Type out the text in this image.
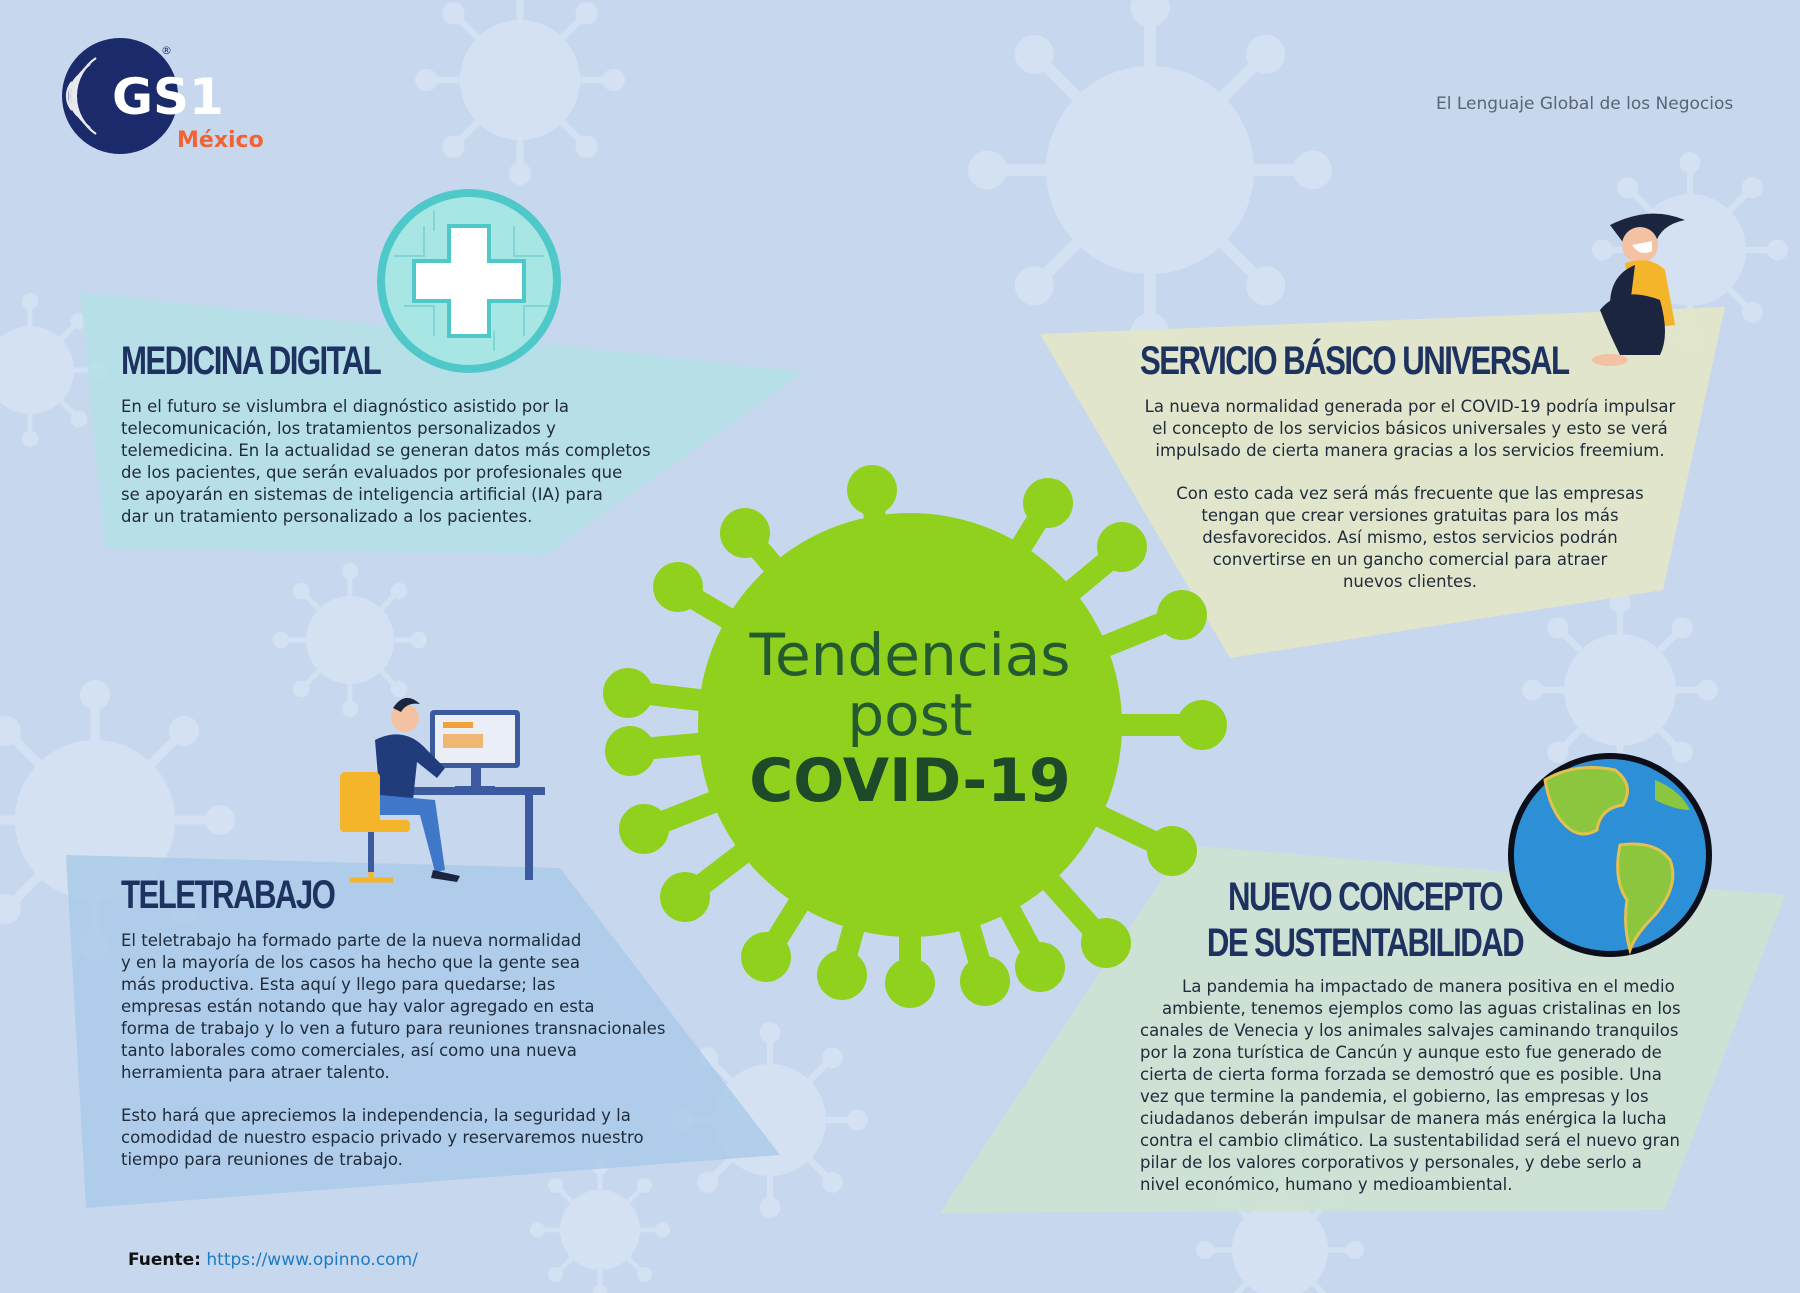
GS1
®
México
El Lenguaje Global de los Negocios
MEDICINA DIGITAL	SERVICIO BÁSICO UNIVERSAL
TELETRABAJO	NUEVO CONCEPTO
DE SUSTENTABILIDAD

En el futuro se vislumbra el diagnóstico asistido por la

telecomunicación, los tratamientos personalizados y

telemedicina. En la actualidad se generan datos más completos

de los pacientes, que serán evaluados por profesionales que

se apoyarán en sistemas de inteligencia artificial (IA) para

dar un tratamiento personalizado a los pacientes.

La nueva normalidad generada por el COVID-19 podría impulsar

el concepto de los servicios básicos universales y esto se verá

impulsado de cierta manera gracias a los servicios freemium.

Con esto cada vez será más frecuente que las empresas

tengan que crear versiones gratuitas para los más

desfavorecidos. Así mismo, estos servicios podrán

convertirse en un gancho comercial para atraer

nuevos clientes.

El teletrabajo ha formado parte de la nueva normalidad

y en la mayoría de los casos ha hecho que la gente sea

más productiva. Esta aquí y llego para quedarse; las

empresas están notando que hay valor agregado en esta

forma de trabajo y lo ven a futuro para reuniones transnacionales

tanto laborales como comerciales, así como una nueva

herramienta para atraer talento.

Esto hará que apreciemos la independencia, la seguridad y la

comodidad de nuestro espacio privado y reservaremos nuestro

tiempo para reuniones de trabajo.

La pandemia ha impactado de manera positiva en el medio

ambiente, tenemos ejemplos como las aguas cristalinas en los

canales de Venecia y los animales salvajes caminando tranquilos

por la zona turística de Cancún y aunque esto fue generado de

cierta de cierta forma forzada se demostró que es posible. Una

vez que termine la pandemia, el gobierno, las empresas y los

ciudadanos deberán impulsar de manera más enérgica la lucha

contra el cambio climático. La sustentabilidad será el nuevo gran

pilar de los valores corporativos y personales, y debe serlo a

nivel económico, humano y medioambiental.

Tendencias
post
COVID-19
Fuente: https://www.opinno.com/
